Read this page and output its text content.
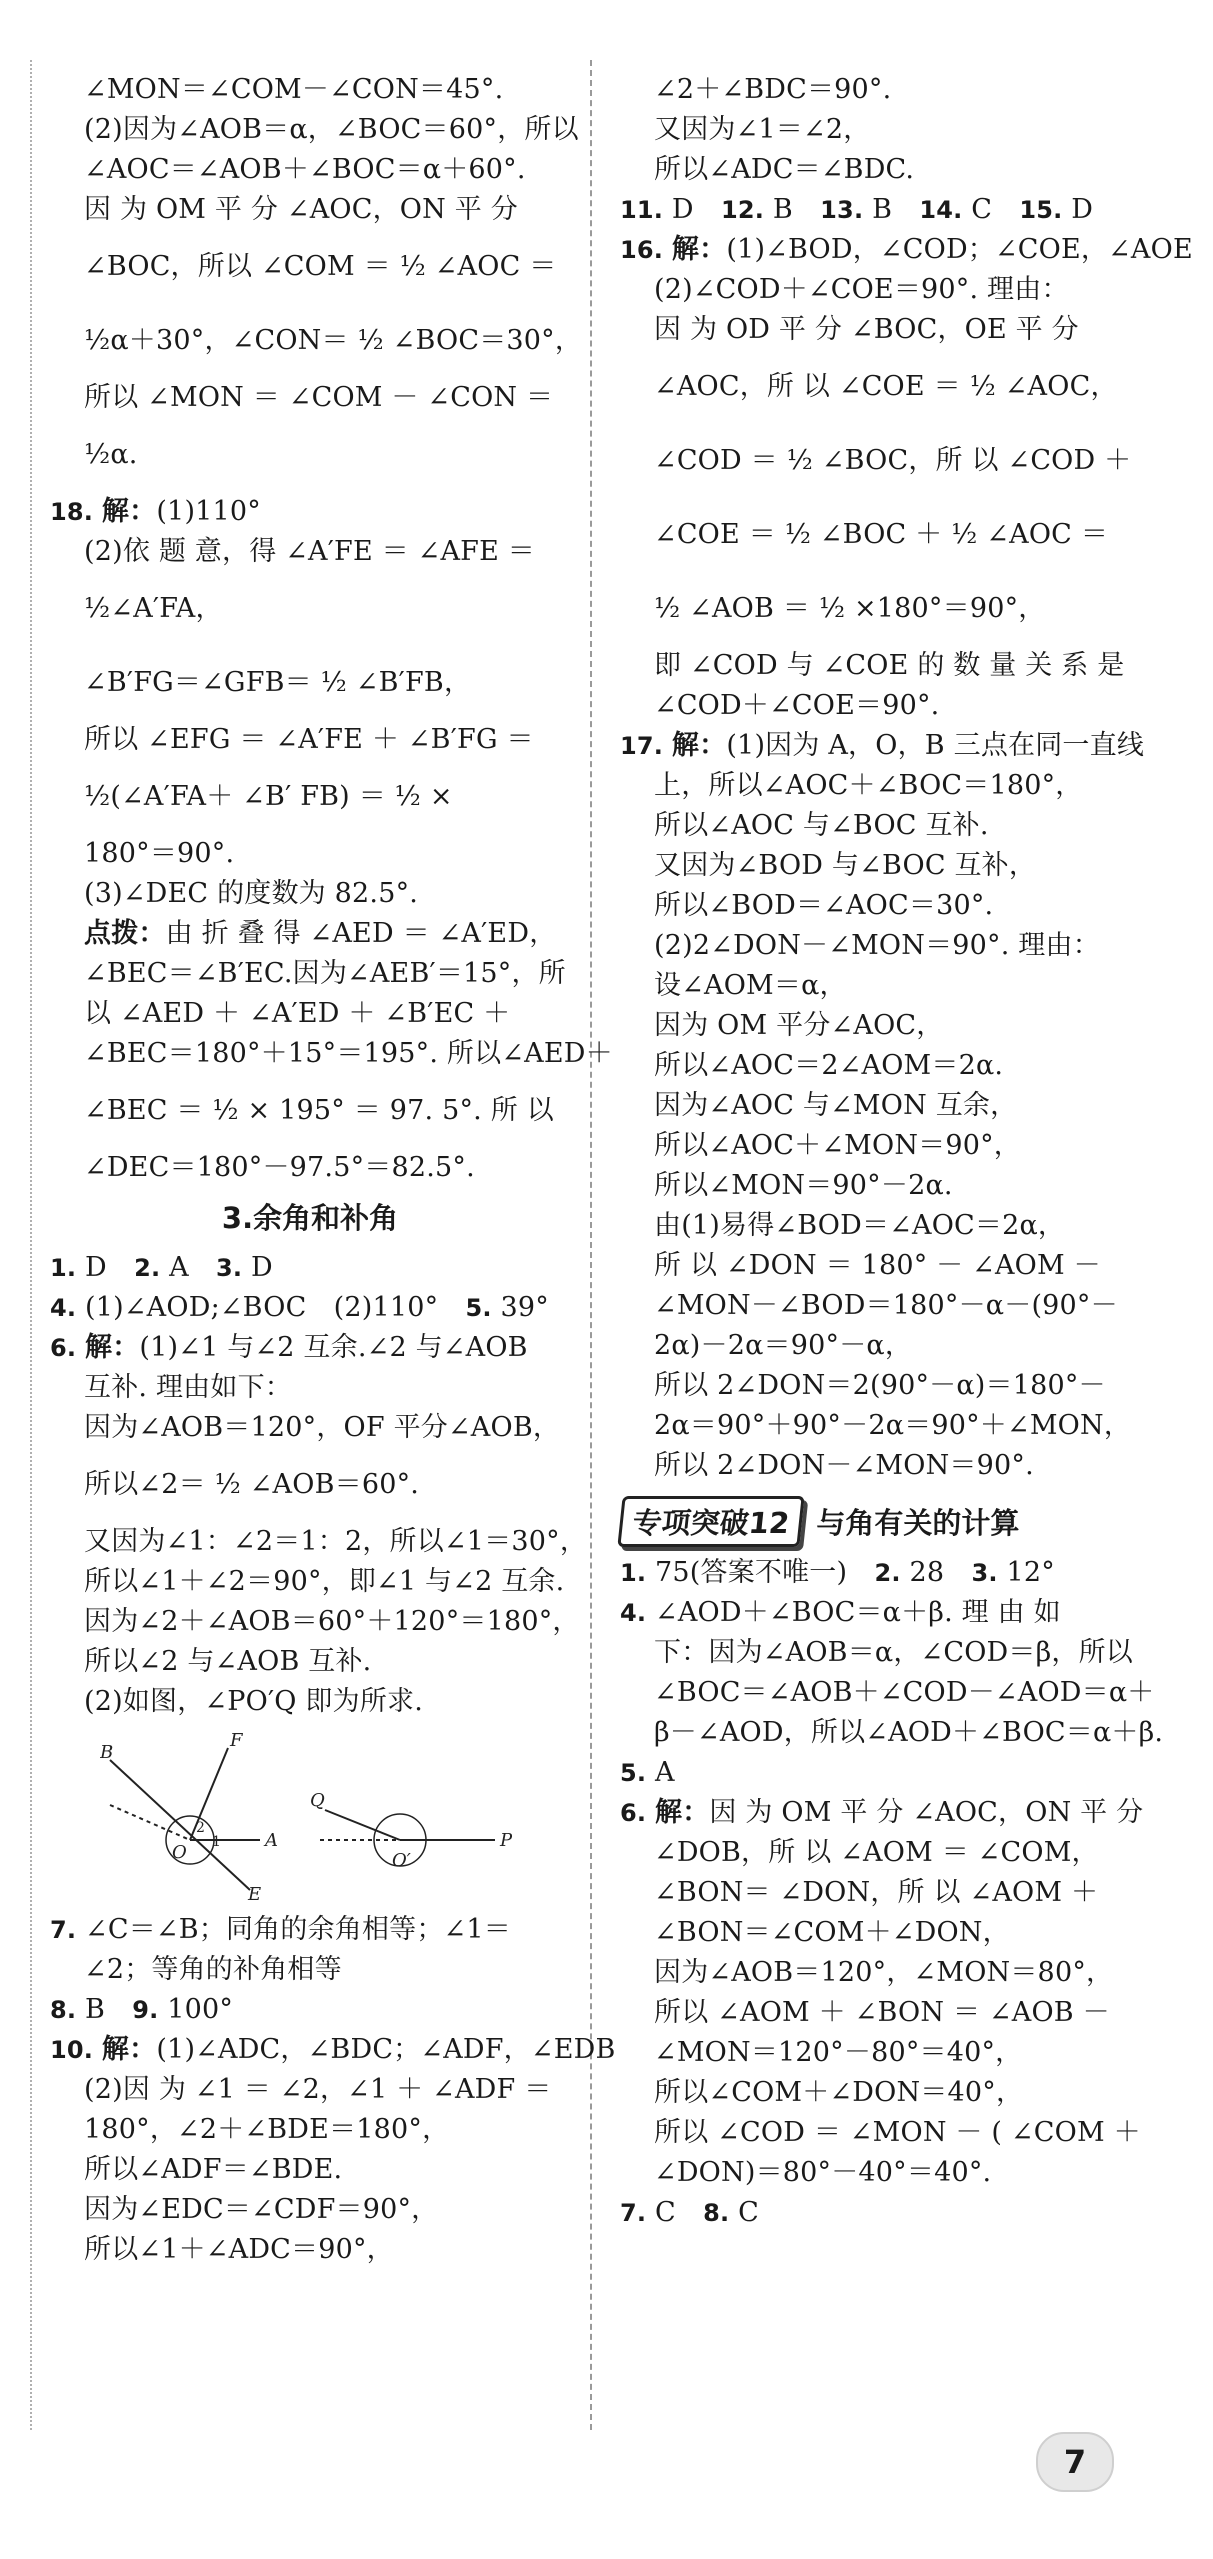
∠MON＝∠COM－∠CON＝45°.
(2)因为∠AOB＝α，∠BOC＝60°，所以
∠AOC＝∠AOB＋∠BOC＝α＋60°.
因 为 OM 平 分 ∠AOC，ON 平 分
∠BOC，所以 ∠COM ＝ ½ ∠AOC ＝
½α＋30°，∠CON＝ ½ ∠BOC＝30°，
所以 ∠MON ＝ ∠COM － ∠CON ＝
½α.
18. 解：(1)110°
(2)依 题 意，得 ∠A′FE ＝ ∠AFE ＝
½∠A′FA，
∠B′FG＝∠GFB＝ ½ ∠B′FB，
所以 ∠EFG ＝ ∠A′FE ＋ ∠B′FG ＝
½(∠A′FA＋ ∠B′ FB) ＝ ½ ×
180°＝90°.
(3)∠DEC 的度数为 82.5°.
点拨：由 折 叠 得 ∠AED ＝ ∠A′ED，
∠BEC＝∠B′EC.因为∠AEB′＝15°，所
以 ∠AED ＋ ∠A′ED ＋ ∠B′EC ＋
∠BEC＝180°＋15°＝195°. 所以∠AED＋
∠BEC ＝ ½ × 195° ＝ 97. 5°. 所 以
∠DEC＝180°－97.5°＝82.5°.
3.余角和补角
1. D　2. A　3. D
4. (1)∠AOD;∠BOC　(2)110°　5. 39°
6. 解：(1)∠1 与∠2 互余.∠2 与∠AOB
互补. 理由如下：
因为∠AOB＝120°，OF 平分∠AOB，
所以∠2＝ ½ ∠AOB＝60°.
又因为∠1：∠2＝1：2，所以∠1＝30°，
所以∠1＋∠2＝90°，即∠1 与∠2 互余.
因为∠2＋∠AOB＝60°＋120°＝180°，
所以∠2 与∠AOB 互补.
(2)如图，∠PO′Q 即为所求.
B
F
A
O
E
1
2
Q
O′
P
7. ∠C＝∠B；同角的余角相等；∠1＝
∠2；等角的补角相等
8. B　9. 100°
10. 解：(1)∠ADC，∠BDC；∠ADF，∠EDB
(2)因 为 ∠1 ＝ ∠2，∠1 ＋ ∠ADF ＝
180°，∠2＋∠BDE＝180°，
所以∠ADF＝∠BDE.
因为∠EDC＝∠CDF＝90°，
所以∠1＋∠ADC＝90°，
∠2＋∠BDC＝90°.
又因为∠1＝∠2，
所以∠ADC＝∠BDC.
11. D　12. B　13. B　14. C　15. D
16. 解：(1)∠BOD，∠COD；∠COE，∠AOE
(2)∠COD＋∠COE＝90°. 理由：
因 为 OD 平 分 ∠BOC，OE 平 分
∠AOC，所 以 ∠COE ＝ ½ ∠AOC，
∠COD ＝ ½ ∠BOC，所 以 ∠COD ＋
∠COE ＝ ½ ∠BOC ＋ ½ ∠AOC ＝
½ ∠AOB ＝ ½ ×180°＝90°，
即 ∠COD 与 ∠COE 的 数 量 关 系 是
∠COD＋∠COE＝90°.
17. 解：(1)因为 A，O，B 三点在同一直线
上，所以∠AOC＋∠BOC＝180°，
所以∠AOC 与∠BOC 互补.
又因为∠BOD 与∠BOC 互补，
所以∠BOD＝∠AOC＝30°.
(2)2∠DON－∠MON＝90°. 理由：
设∠AOM＝α，
因为 OM 平分∠AOC，
所以∠AOC＝2∠AOM＝2α.
因为∠AOC 与∠MON 互余，
所以∠AOC＋∠MON＝90°，
所以∠MON＝90°－2α.
由(1)易得∠BOD＝∠AOC＝2α，
所 以 ∠DON ＝ 180° － ∠AOM －
∠MON－∠BOD＝180°－α－(90°－
2α)－2α＝90°－α，
所以 2∠DON＝2(90°－α)＝180°－
2α＝90°＋90°－2α＝90°＋∠MON，
所以 2∠DON－∠MON＝90°.
专项突破12 与角有关的计算
1. 75(答案不唯一)　2. 28　3. 12°
4. ∠AOD＋∠BOC＝α＋β. 理 由 如
下：因为∠AOB＝α，∠COD＝β，所以
∠BOC＝∠AOB＋∠COD－∠AOD＝α＋
β－∠AOD，所以∠AOD＋∠BOC＝α＋β.
5. A
6. 解：因 为 OM 平 分 ∠AOC，ON 平 分
∠DOB，所 以 ∠AOM ＝ ∠COM，
∠BON＝ ∠DON，所 以 ∠AOM ＋
∠BON＝∠COM＋∠DON，
因为∠AOB＝120°，∠MON＝80°，
所以 ∠AOM ＋ ∠BON ＝ ∠AOB －
∠MON＝120°－80°＝40°，
所以∠COM＋∠DON＝40°，
所以 ∠COD ＝ ∠MON － ( ∠COM ＋
∠DON)＝80°－40°＝40°.
7. C　8. C
7
